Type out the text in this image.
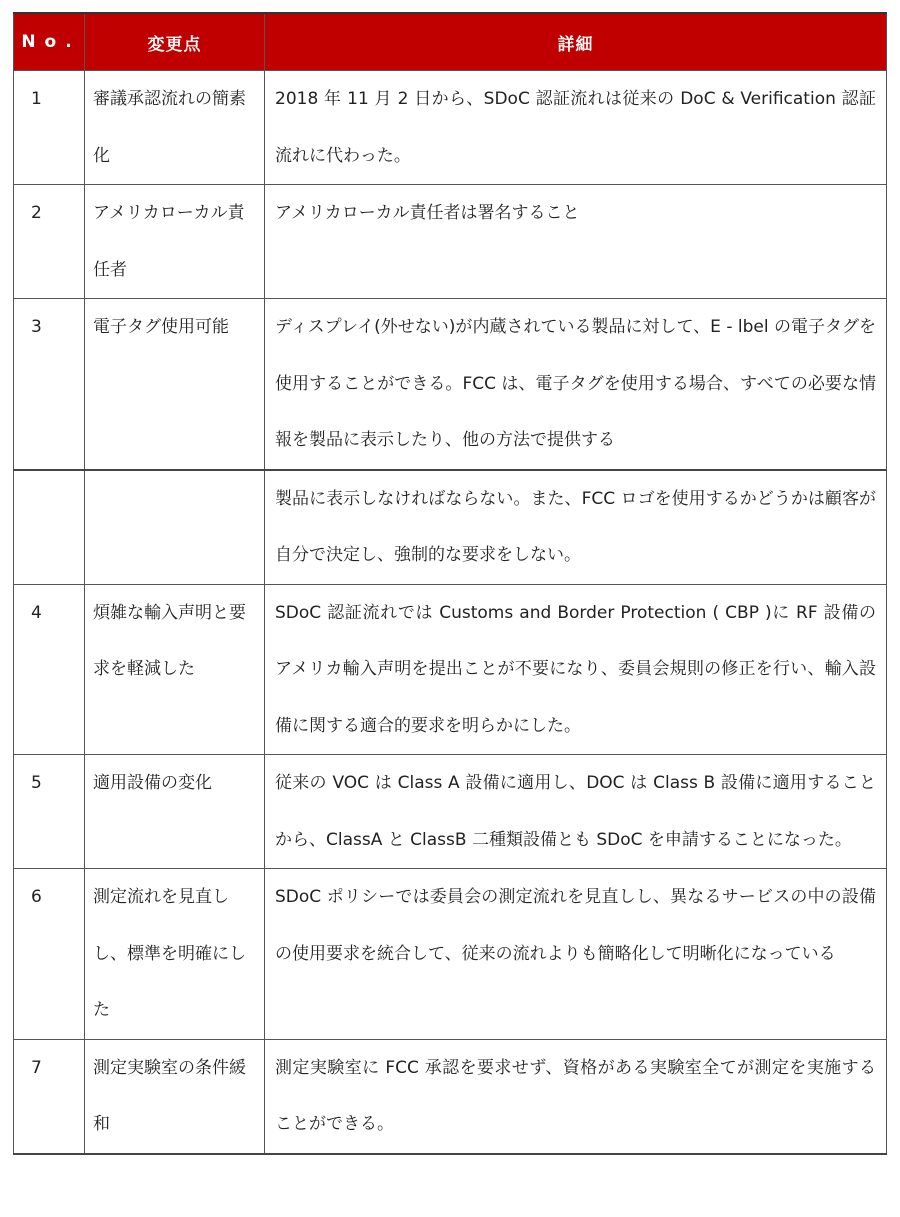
No.	変更点	詳細
1	審議承認流れの簡素化	2018 年 11 月 2 日から、SDoC 認証流れは従来の DoC & Verification 認証流れに代わった。
2	アメリカローカル責任者	アメリカローカル責任者は署名すること
3	電子タグ使用可能	ディスプレイ(外せない)が内蔵されている製品に対して、E - lbel の電子タグを使用することができる。FCC は、電子タグを使用する場合、すべての必要な情報を製品に表示したり、他の方法で提供する
		製品に表示しなければならない。また、FCC ロゴを使用するかどうかは顧客が自分で決定し、強制的な要求をしない。
4	煩雑な輸入声明と要求を軽減した	SDoC 認証流れでは Customs and Border Protection ( CBP )に RF 設備のアメリカ輸入声明を提出ことが不要になり、委員会規則の修正を行い、輸入設備に関する適合的要求を明らかにした。
5	適用設備の変化	従来の VOC は Class A 設備に適用し、DOC は Class B 設備に適用することから、ClassA と ClassB 二種類設備とも SDoC を申請することになった。
6	測定流れを見直しし、標準を明確にした	SDoC ポリシーでは委員会の測定流れを見直しし、異なるサービスの中の設備の使用要求を統合して、従来の流れよりも簡略化して明晰化になっている
7	測定実験室の条件緩和	測定実験室に FCC 承認を要求せず、資格がある実験室全てが測定を実施することができる。
